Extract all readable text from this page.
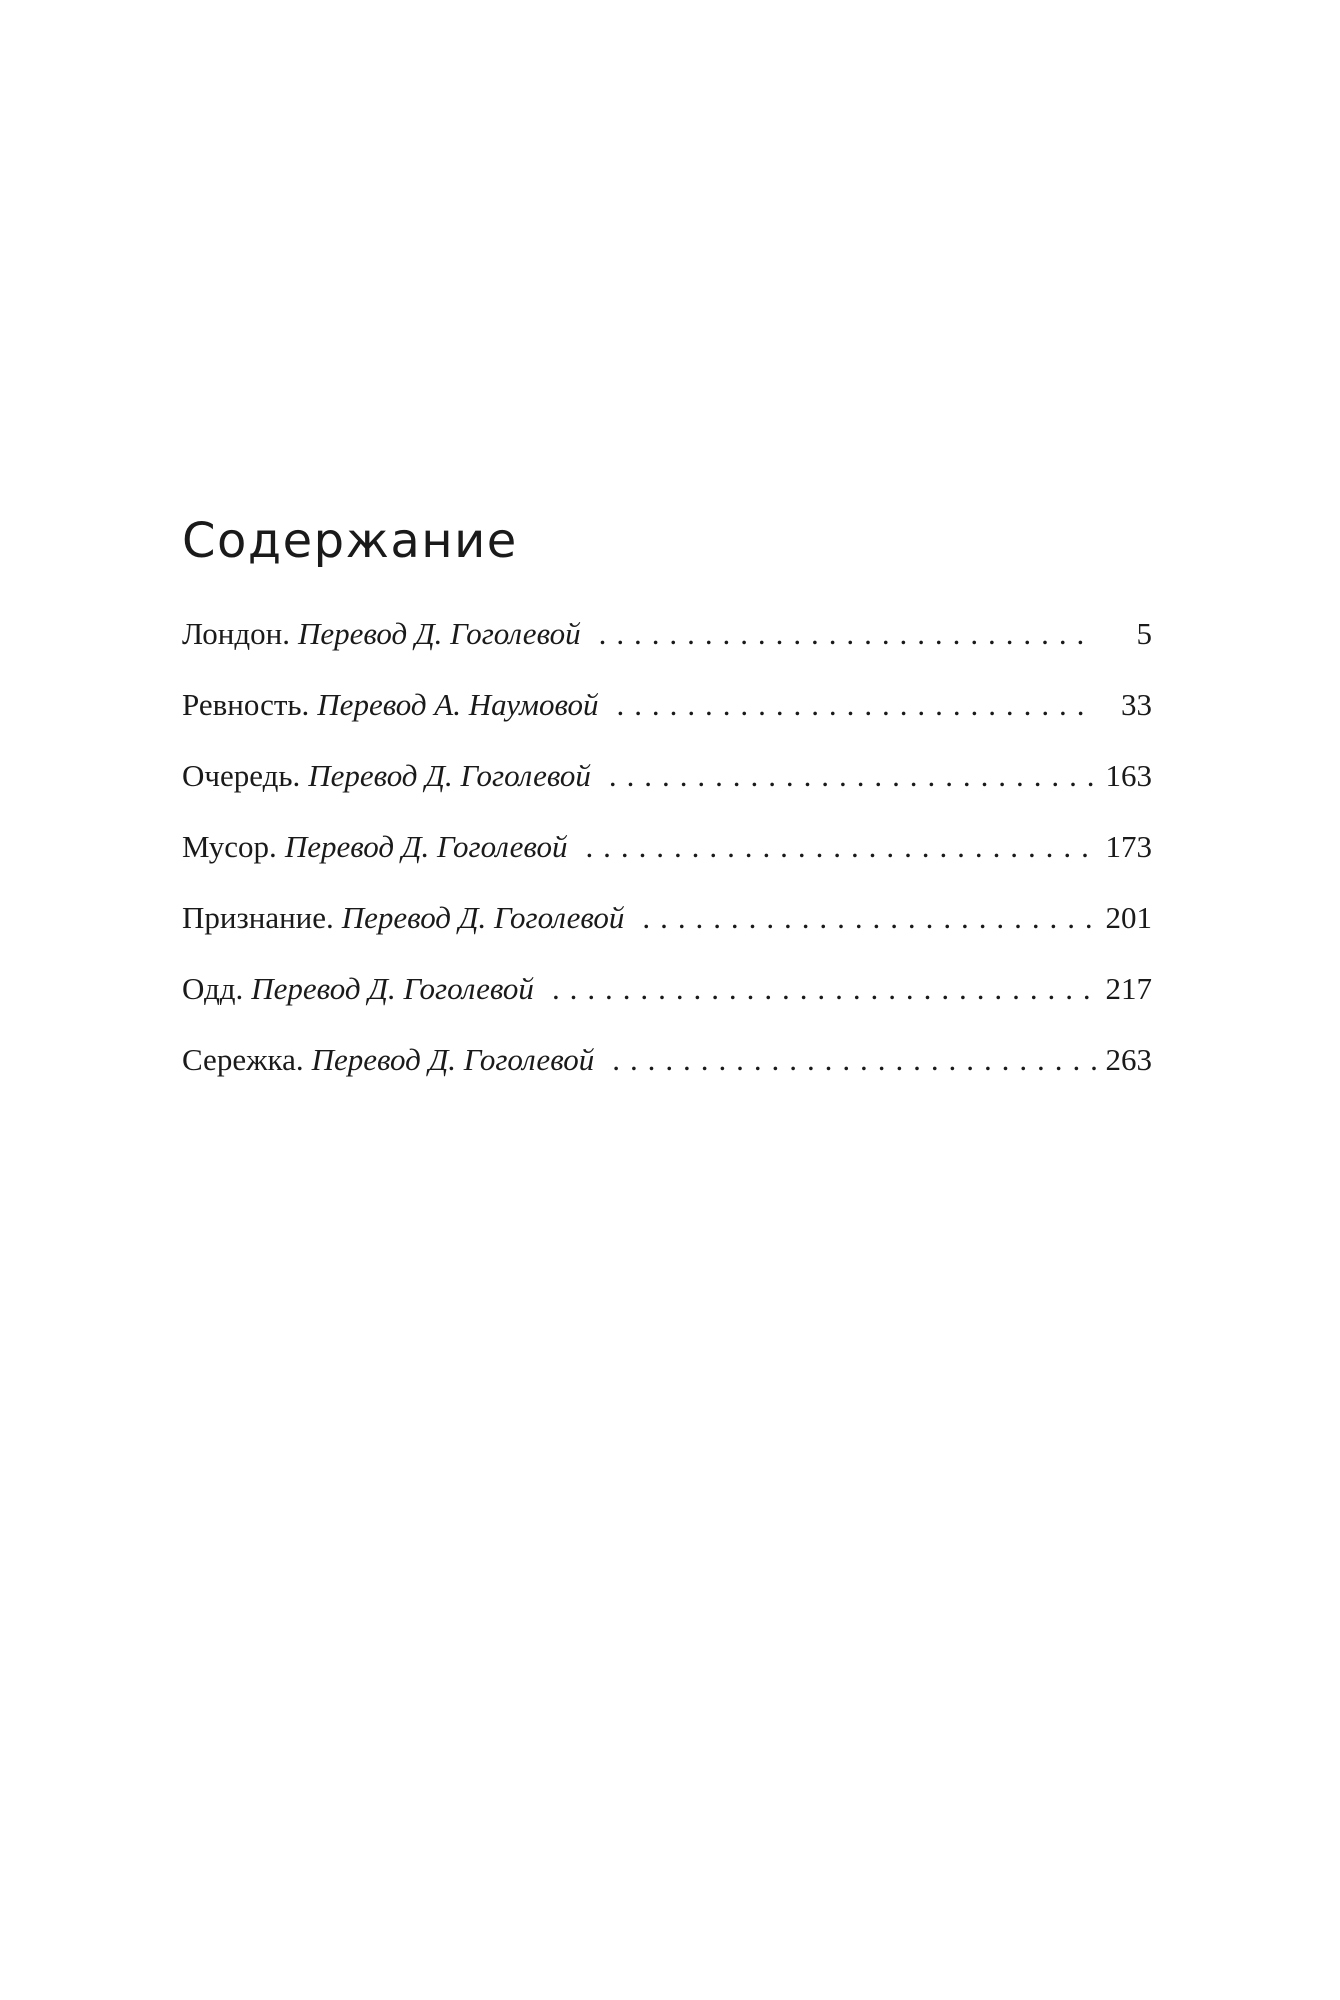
Содержание
Лондон. Перевод Д. Гоголевой . . .	5
Ревность. Перевод А. Наумовой . . .	33
Очередь. Перевод Д. Гоголевой . . .	163
Мусор. Перевод Д. Гоголевой . . .	173
Признание. Перевод Д. Гоголевой . . .	201
Одд. Перевод Д. Гоголевой . . .	217
Сережка. Перевод Д. Гоголевой . . .	263
